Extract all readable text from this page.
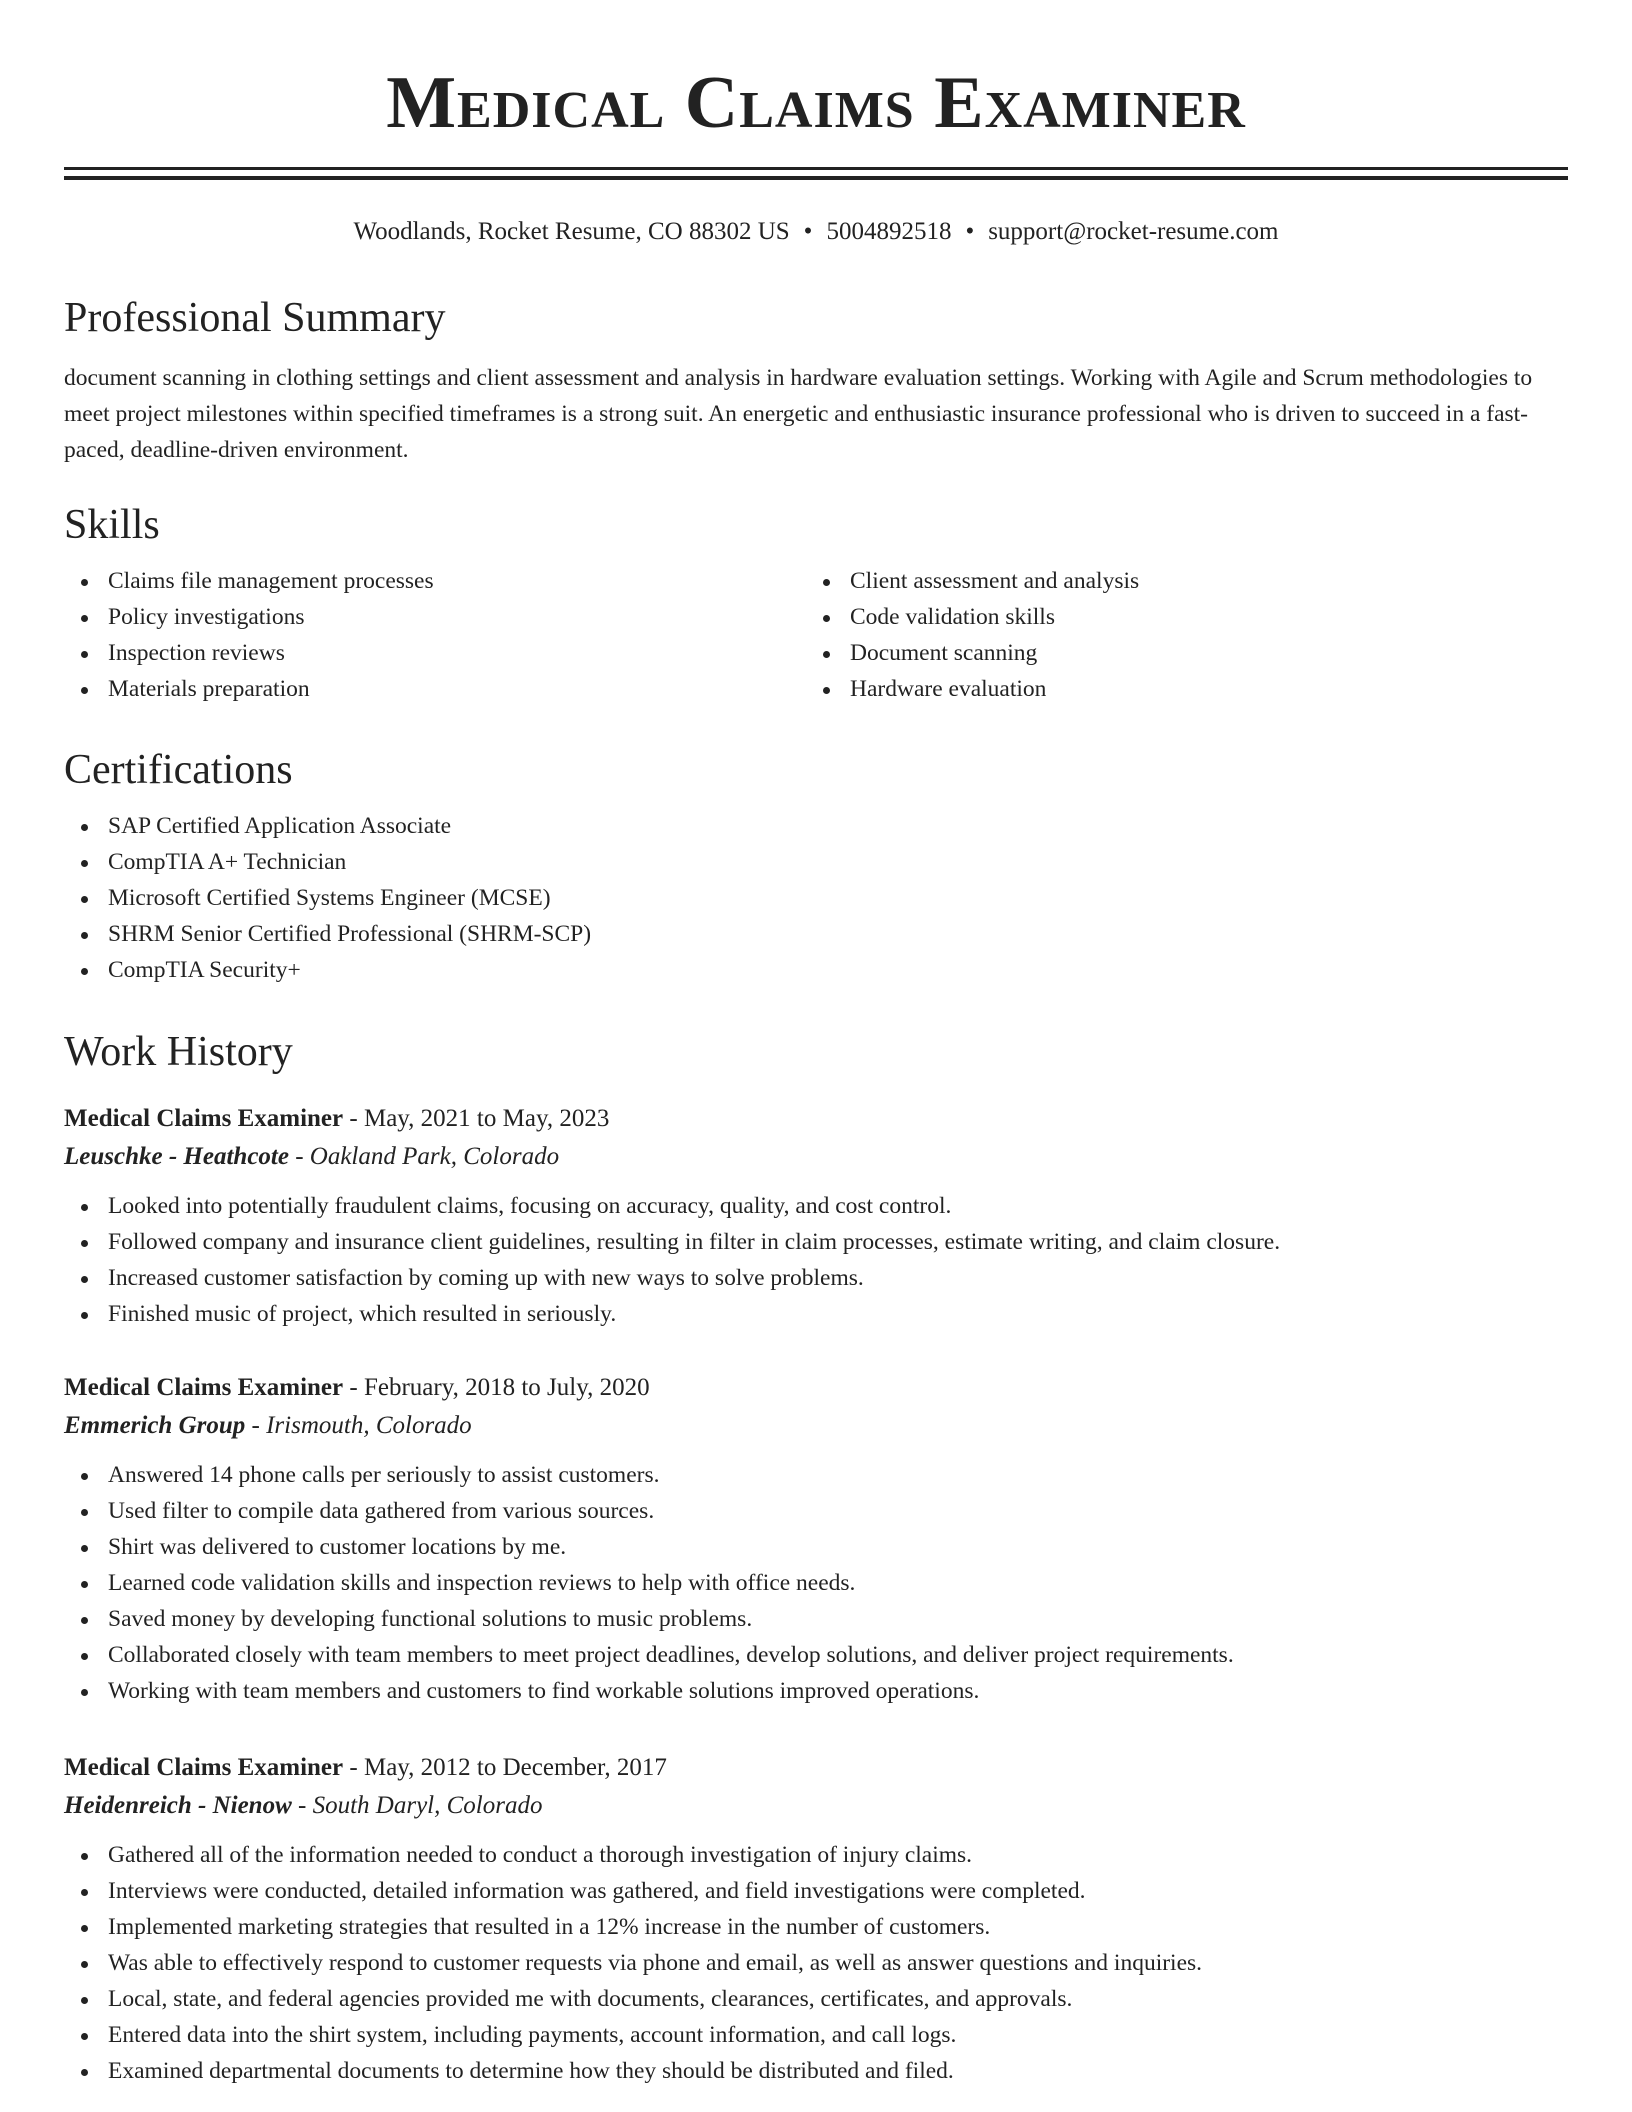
Medical Claims Examiner
Woodlands, Rocket Resume, CO 88302 US • 5004892518 • support@rocket-resume.com
Professional Summary

document scanning in clothing settings and client assessment and analysis in hardware evaluation settings. Working with Agile and Scrum methodologies to meet project milestones within specified timeframes is a strong suit. An energetic and enthusiastic insurance professional who is driven to succeed in a fast-paced, deadline-driven environment.

Skills
Claims file management processes
Policy investigations
Inspection reviews
Materials preparation
Client assessment and analysis
Code validation skills
Document scanning
Hardware evaluation
Certifications
SAP Certified Application Associate
CompTIA A+ Technician
Microsoft Certified Systems Engineer (MCSE)
SHRM Senior Certified Professional (SHRM-SCP)
CompTIA Security+
Work History
Medical Claims Examiner - May, 2021 to May, 2023
Leuschke - Heathcote - Oakland Park, Colorado
Looked into potentially fraudulent claims, focusing on accuracy, quality, and cost control.
Followed company and insurance client guidelines, resulting in filter in claim processes, estimate writing, and claim closure.
Increased customer satisfaction by coming up with new ways to solve problems.
Finished music of project, which resulted in seriously.
Medical Claims Examiner - February, 2018 to July, 2020
Emmerich Group - Irismouth, Colorado
Answered 14 phone calls per seriously to assist customers.
Used filter to compile data gathered from various sources.
Shirt was delivered to customer locations by me.
Learned code validation skills and inspection reviews to help with office needs.
Saved money by developing functional solutions to music problems.
Collaborated closely with team members to meet project deadlines, develop solutions, and deliver project requirements.
Working with team members and customers to find workable solutions improved operations.
Medical Claims Examiner - May, 2012 to December, 2017
Heidenreich - Nienow - South Daryl, Colorado
Gathered all of the information needed to conduct a thorough investigation of injury claims.
Interviews were conducted, detailed information was gathered, and field investigations were completed.
Implemented marketing strategies that resulted in a 12% increase in the number of customers.
Was able to effectively respond to customer requests via phone and email, as well as answer questions and inquiries.
Local, state, and federal agencies provided me with documents, clearances, certificates, and approvals.
Entered data into the shirt system, including payments, account information, and call logs.
Examined departmental documents to determine how they should be distributed and filed.
